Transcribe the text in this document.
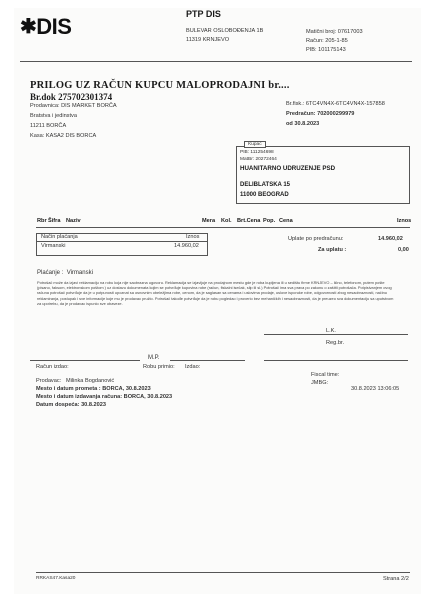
✱DIS	PTP DIS
BULEVAR OSLOBOĐENJA 1B
11319 KRNJEVO
Matični broj: 07617003
Račun: 205-1-85
PIB: 101175143
PRILOG UZ RAČUN KUPCU MALOPRODAJNI br....
Br.dok 275702301374
Prodavnica: DIS MARKET BORČA
Bratstva i jedinstva
11211 BORČA
Kasa: KASA2 DIS BORCA
Br.fisk.: 6TC4VN4X-6TC4VN4X-157858
Predračun: 702000299979
od 30.8.2023
Kupac
PIB: 111254698
MatBr: 20272464
HUANITARNO UDRUZENJE PSD
DELIBLATSKA 15
11000 BEOGRAD
Rbr Šifra Naziv	Mera Kol. Brt.Cena Pop. Cena	Iznos
Način plaćanja	Iznos
Virmanski	14.960,02
Uplate po predračunu:	14.960,02
Za uplatu :	0,00
Plaćanje : Virmanski
Potrošač može da izjavi reklamaciju na robu koja nije saobrazna ugovoru. Reklamacija se izjavljuje na prodajnom mestu gde je roba kupljena ili u sedištu firme KRNJEVO – lično, telefonom, putem pošte (pisano, faksom, elektronskom poštom ) uz dostavu dokumenata kojim se potvrđuje kupovina robe (račun, fiskalni isečak, slip ili sl.) Potrošač ima sva prava po zakonu o zaštiti potrošača. Potpisivanjem ovog računa potrošač potvrđuje da je u potpunosti upoznat sa osnovnim obeležjima robe, cenom, da je saglasan sa cenama i uslovima prodaje, uslove isporuke robe, odgovornosti zbog nesaobraznosti, načinu reklamiranja, postupak i sve informacije koje mu je prodavac pružio. Potrošač takođe potvrđuje da je robu pogledao i proverio bez mehaničkih i nesaobraznosti, da je preuzeo sva dokumentaciju sa uputstvom za upotrebu, da je prodavac ispunio sve obaveze.
L.K.
Reg.br.
M.P.
Račun izdao:	Robu primio: Izdao:
Prodavac: Milinka Bogdanović
Fiscal time:
JMBG:
Mesto i datum prometa : BORCA, 30.8.2023
Mesto i datum izdavanja računa: BORCA, 30.8.2023
Datum dospeća: 30.8.2023
30.8.2023 13:06:05
RRKAS47.Kasa20	Strana 2/2
